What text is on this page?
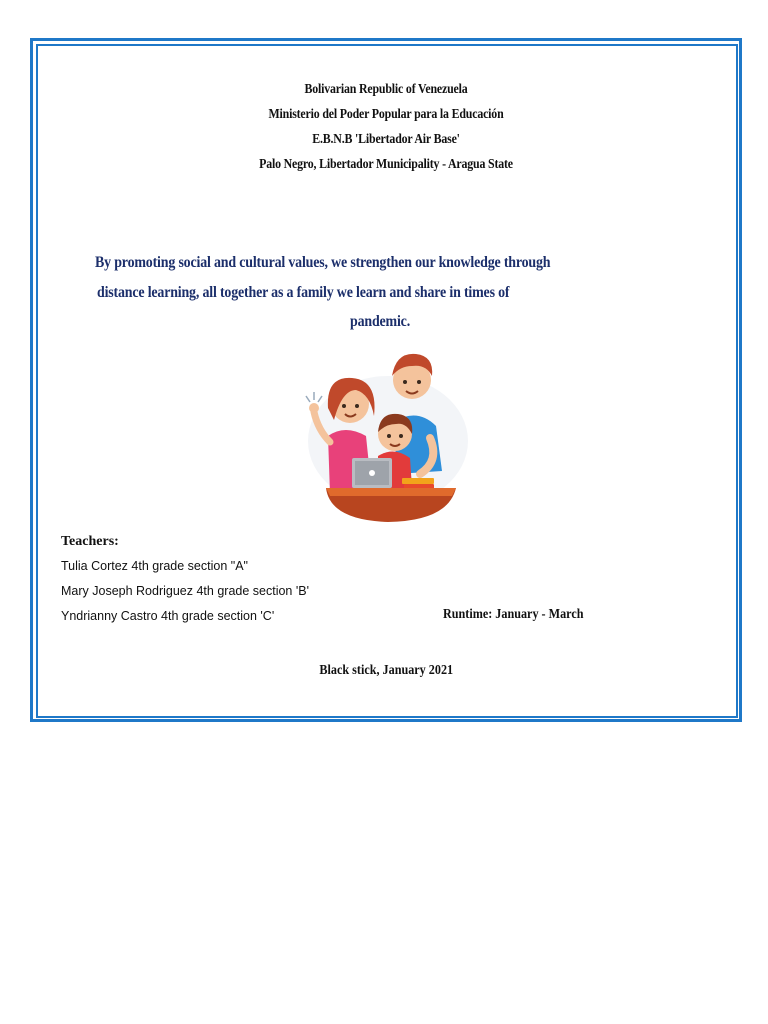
Bolivarian Republic of Venezuela
Ministerio del Poder Popular para la Educación
E.B.N.B 'Libertador Air Base'
Palo Negro, Libertador Municipality - Aragua State
By promoting social and cultural values, we strengthen our knowledge through
distance learning, all together as a family we learn and share in times of
pandemic.
Teachers:
Tulia Cortez 4th grade section "A"
Mary Joseph Rodriguez 4th grade section 'B'
Yndrianny Castro 4th grade section 'C'	Runtime: January - March
Black stick, January 2021
